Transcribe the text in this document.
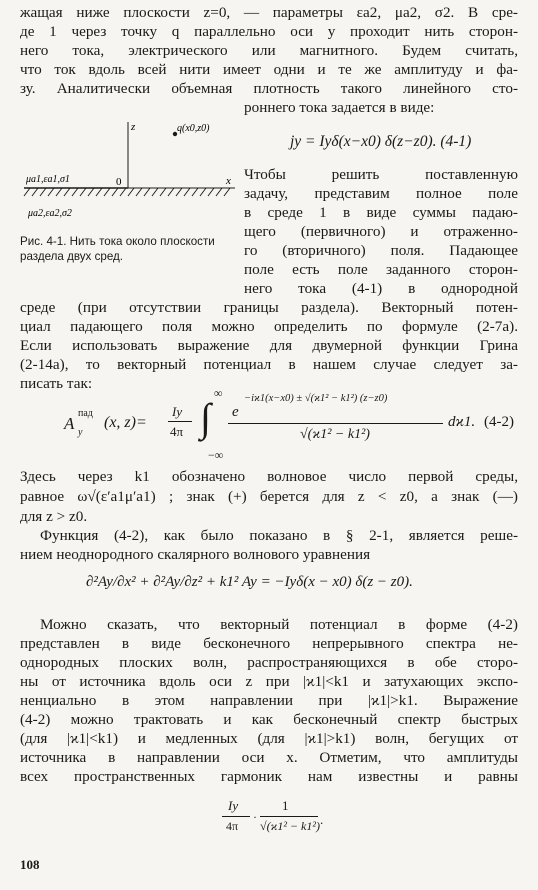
жащая ниже плоскости z=0, — параметры εa2, μa2, σ2. В сре-
де 1 через точку q параллельно оси y проходит нить сторон-
него тока, электрического или магнитного. Будем считать,
что ток вдоль всей нити имеет одни и те же амплитуду и фа-
зу. Аналитически объемная плотность такого линейного сто-
роннего тока задается в виде:
jy = Iyδ(x−x0) δ(z−z0). (4-1)
z
x
q(x0,z0)
0
μa1,εa1,σ1
μa2,εa2,σ2
Рис. 4-1. Нить тока около плоскости раздела двух сред.
Чтобы решить поставленную
задачу, представим полное поле
в среде 1 в виде суммы падаю-
щего (первичного) и отраженно-
го (вторичного) поля. Падающее
поле есть поле заданного сторон-
него тока (4-1) в однородной
среде (при отсутствии границы раздела). Векторный потен-
циал падающего поля можно определить по формуле (2-7а).
Если использовать выражение для двумерной функции Грина
(2-14а), то векторный потенциал в нашем случае следует за-
писать так:
A
пад
y
(x, z)=
Iy
4π ∫
∞
−∞
e
−iϰ1(x−x0) ± √(ϰ1² − k1²) (z−z0)
√(ϰ1² − k1²)
dϰ1. (4-2)
Здесь через k1 обозначено волновое число первой среды,
равное ω√(ε′a1μ′a1) ; знак (+) берется для z < z0, а знак (—)
для z > z0.
Функция (4-2), как было показано в § 2-1, является реше-
нием неоднородного скалярного волнового уравнения
∂²Ay/∂x² + ∂²Ay/∂z² + k1² Ay = −Iyδ(x − x0) δ(z − z0).
Можно сказать, что векторный потенциал в форме (4-2)
представлен в виде бесконечного непрерывного спектра не-
однородных плоских волн, распространяющихся в обе сторо-
ны от источника вдоль оси z при |ϰ1|<k1 и затухающих экспо-
ненциально в этом направлении при |ϰ1|>k1. Выражение
(4-2) можно трактовать и как бесконечный спектр быстрых
(для |ϰ1|<k1) и медленных (для |ϰ1|>k1) волн, бегущих от
источника в направлении оси x. Отметим, что амплитуды
всех пространственных гармоник нам известны и равны
Iy
4π
·
1
√(ϰ1² − k1²) .
108
